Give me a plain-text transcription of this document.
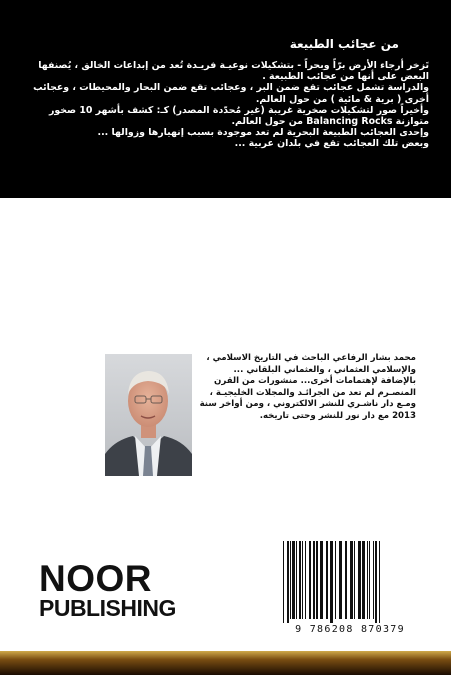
من عجائب الطبيعة

تَزخر أرجاء الأرض برّاً وبحراً - بتشكيلات نوعيـة فريـدة تُعد من إبداعات الخالق ، يُصنفها البعض على أنها من عجائب الطبيعة .

والدراسة تشمل عجائب تقع ضمن البر ، وعجائب تقع ضمن البحار والمحيطات ، وعجائب أخرى ( برية & مائية ) من حول العالم.

وأخيراً صور لتشكيلات صخرية غريبة (غير مُحدّدة المصدر) كـ: كشف بأشهر 10 صخور متوازنة Balancing Rocks من حول العالم.

وإحدى العجائب الطبيعة البحرية لم تعد موجودة بسبب إنهيارها وزوالها ...

وبعض تلك العجائب تقع في بلدان عربية ...

محمد بشار الرفاعي الباحث في التاريخ الاسلامي ، والإسلامي العثماني ، والعثماني البلقاني ... بالإضافة لإهتمامات أخرى... منشورات من القرن المنصـرم لم تعد من الجرائـد والمجلات الخليجيـة ، ومـع دار ناشـري للنشر الالكتروني ، ومن أواخر سنة 2013 مع دار نور للنشر وحتى تاريخه.
NOOR
PUBLISHING
9 786208 870379
